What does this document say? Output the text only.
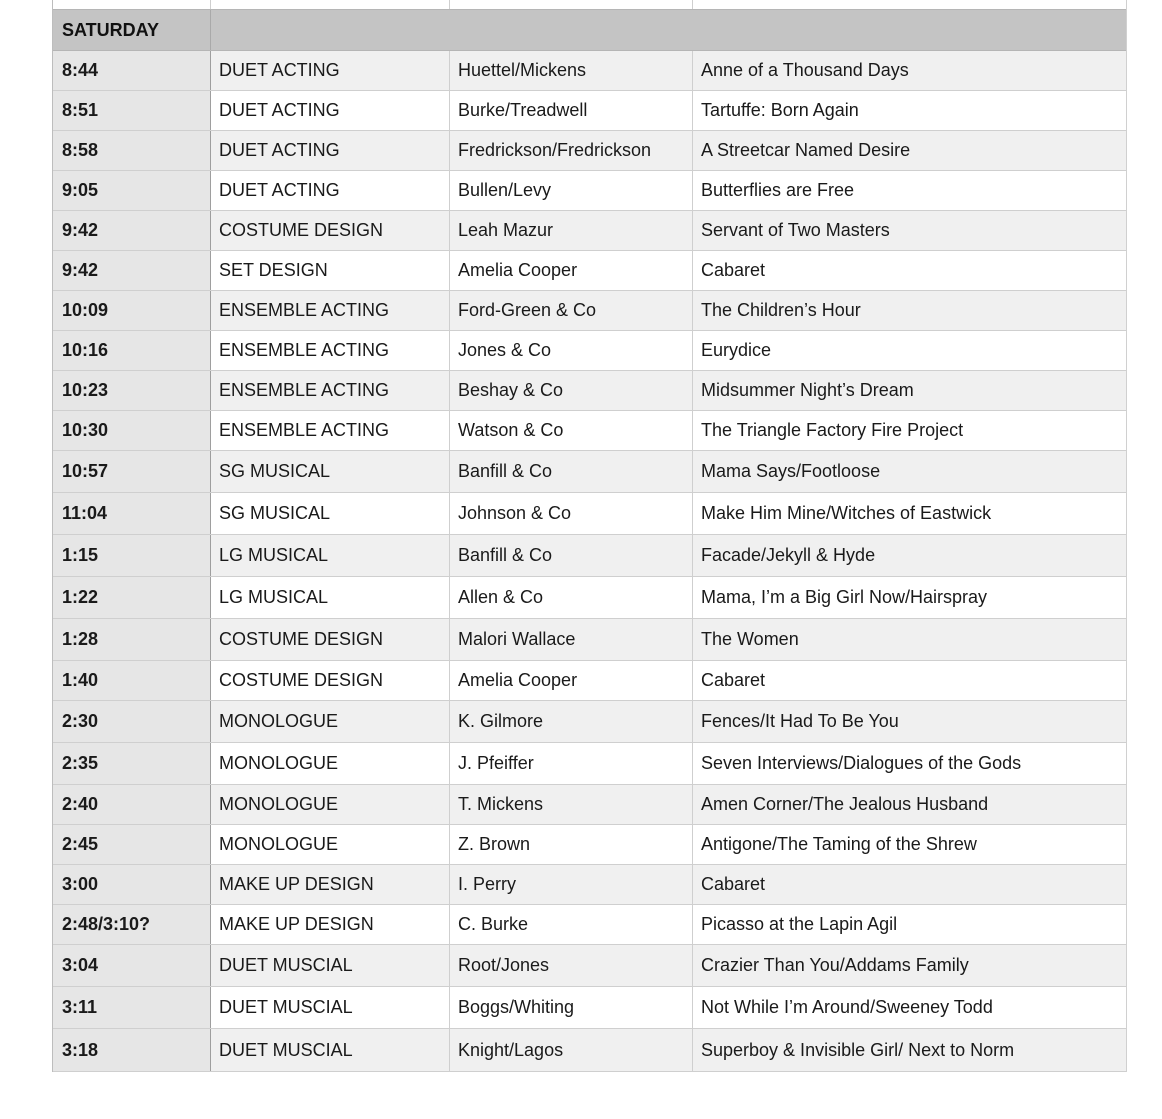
SATURDAY
8:44	DUET ACTING	Huettel/Mickens	Anne of a Thousand Days
8:51	DUET ACTING	Burke/Treadwell	Tartuffe: Born Again
8:58	DUET ACTING	Fredrickson/Fredrickson	A Streetcar Named Desire
9:05	DUET ACTING	Bullen/Levy	Butterflies are Free
9:42	COSTUME DESIGN	Leah Mazur	Servant of Two Masters
9:42	SET DESIGN	Amelia Cooper	Cabaret
10:09	ENSEMBLE ACTING	Ford-Green & Co	The Children’s Hour
10:16	ENSEMBLE ACTING	Jones & Co	Eurydice
10:23	ENSEMBLE ACTING	Beshay & Co	Midsummer Night’s Dream
10:30	ENSEMBLE ACTING	Watson & Co	The Triangle Factory Fire Project
10:57	SG MUSICAL	Banfill & Co	Mama Says/Footloose
11:04	SG MUSICAL	Johnson & Co	Make Him Mine/Witches of Eastwick
1:15	LG MUSICAL	Banfill & Co	Facade/Jekyll & Hyde
1:22	LG MUSICAL	Allen & Co	Mama, I’m a Big Girl Now/Hairspray
1:28	COSTUME DESIGN	Malori Wallace	The Women
1:40	COSTUME DESIGN	Amelia Cooper	Cabaret
2:30	MONOLOGUE	K. Gilmore	Fences/It Had To Be You
2:35	MONOLOGUE	J. Pfeiffer	Seven Interviews/Dialogues of the Gods
2:40	MONOLOGUE	T. Mickens	Amen Corner/The Jealous Husband
2:45	MONOLOGUE	Z. Brown	Antigone/The Taming of the Shrew
3:00	MAKE UP DESIGN	I. Perry	Cabaret
2:48/3:10?	MAKE UP DESIGN	C. Burke	Picasso at the Lapin Agil
3:04	DUET MUSCIAL	Root/Jones	Crazier Than You/Addams Family
3:11	DUET MUSCIAL	Boggs/Whiting	Not While I’m Around/Sweeney Todd
3:18	DUET MUSCIAL	Knight/Lagos	Superboy & Invisible Girl/ Next to Norm
